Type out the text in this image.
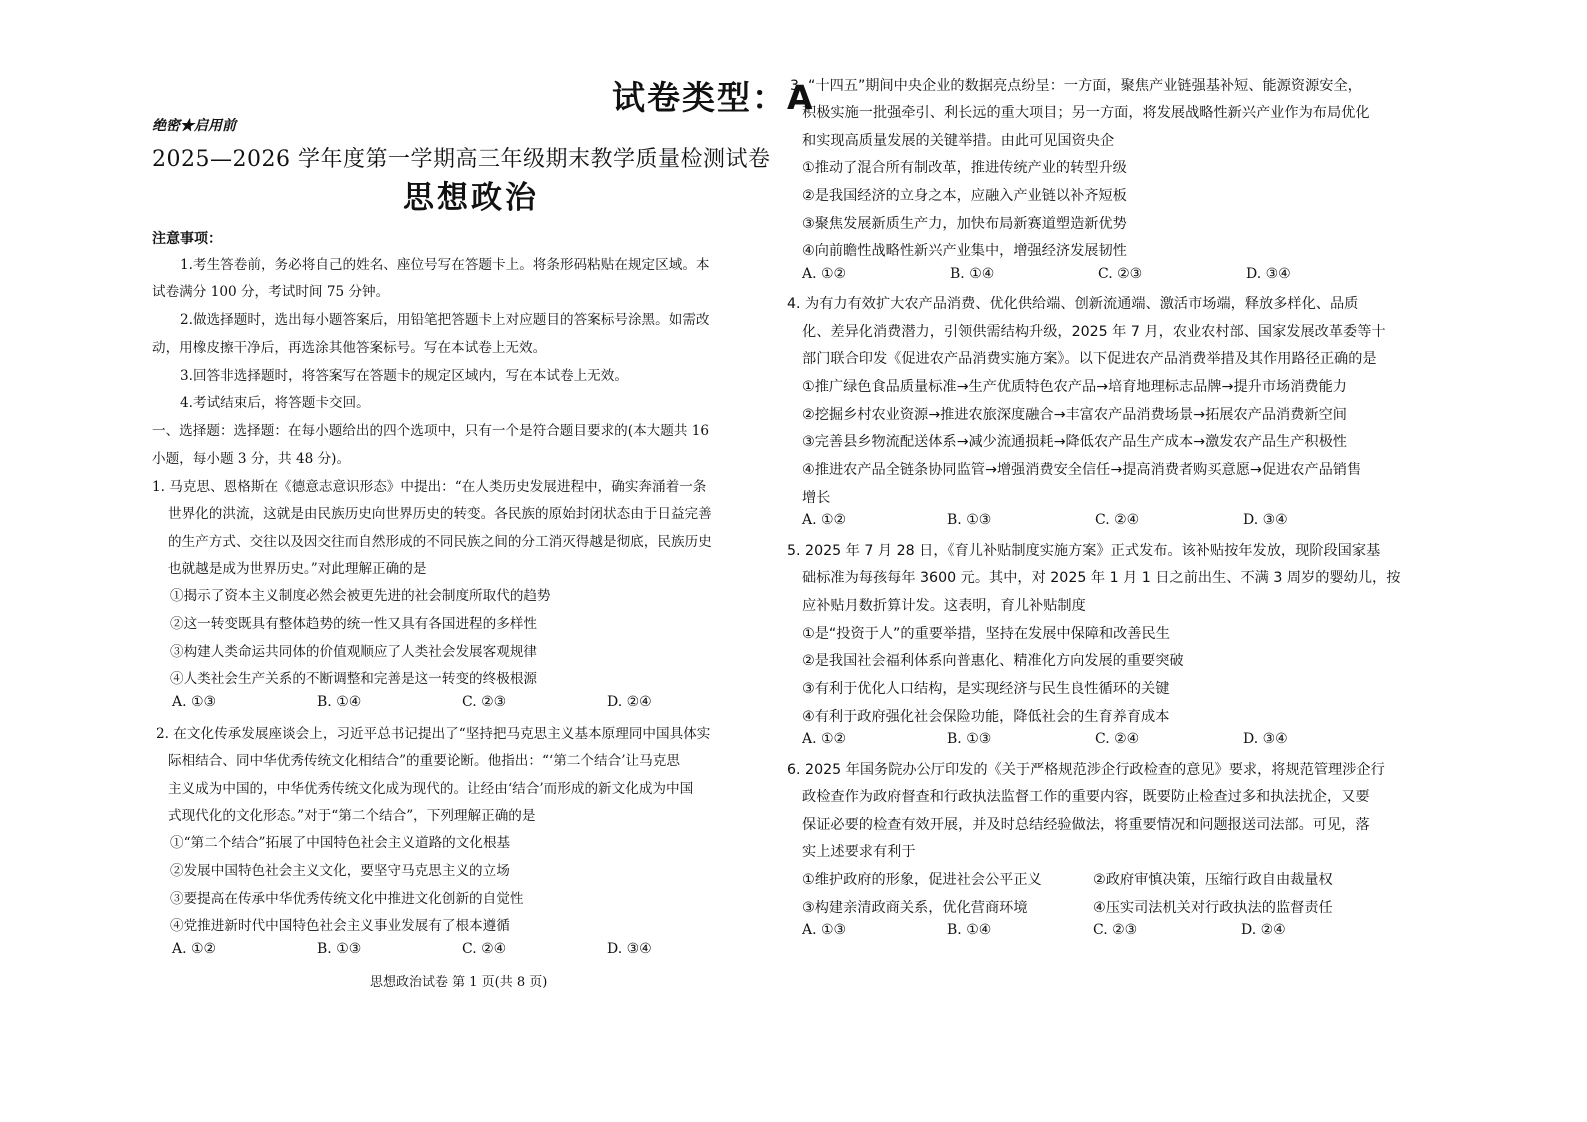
试卷类型：A
绝密★启用前
2025—2026 学年度第一学期高三年级期末教学质量检测试卷
思想政治
注意事项：
1.考生答卷前，务必将自己的姓名、座位号写在答题卡上。将条形码粘贴在规定区域。本
试卷满分 100 分，考试时间 75 分钟。
2.做选择题时，选出每小题答案后，用铅笔把答题卡上对应题目的答案标号涂黑。如需改
动，用橡皮擦干净后，再选涂其他答案标号。写在本试卷上无效。
3.回答非选择题时，将答案写在答题卡的规定区域内，写在本试卷上无效。
4.考试结束后，将答题卡交回。
一、选择题：选择题：在每小题给出的四个选项中，只有一个是符合题目要求的(本大题共 16
小题，每小题 3 分，共 48 分)。
1. 马克思、恩格斯在《德意志意识形态》中提出：“在人类历史发展进程中，确实奔涌着一条
世界化的洪流，这就是由民族历史向世界历史的转变。各民族的原始封闭状态由于日益完善
的生产方式、交往以及因交往而自然形成的不同民族之间的分工消灭得越是彻底，民族历史
也就越是成为世界历史。”对此理解正确的是
①揭示了资本主义制度必然会被更先进的社会制度所取代的趋势
②这一转变既具有整体趋势的统一性又具有各国进程的多样性
③构建人类命运共同体的价值观顺应了人类社会发展客观规律
④人类社会生产关系的不断调整和完善是这一转变的终极根源
A. ①③	B. ①④	C. ②③	D. ②④
2. 在文化传承发展座谈会上，习近平总书记提出了“坚持把马克思主义基本原理同中国具体实
际相结合、同中华优秀传统文化相结合”的重要论断。他指出：“‘第二个结合’让马克思
主义成为中国的，中华优秀传统文化成为现代的。让经由‘结合’而形成的新文化成为中国
式现代化的文化形态。”对于“第二个结合”，下列理解正确的是
①“第二个结合”拓展了中国特色社会主义道路的文化根基
②发展中国特色社会主义文化，要坚守马克思主义的立场
③要提高在传承中华优秀传统文化中推进文化创新的自觉性
④党推进新时代中国特色社会主义事业发展有了根本遵循
A. ①②	B. ①③	C. ②④	D. ③④
思想政治试卷 第 1 页(共 8 页)
3. “十四五”期间中央企业的数据亮点纷呈：一方面，聚焦产业链强基补短、能源资源安全，
积极实施一批强牵引、利长远的重大项目；另一方面，将发展战略性新兴产业作为布局优化
和实现高质量发展的关键举措。由此可见国资央企
①推动了混合所有制改革，推进传统产业的转型升级
②是我国经济的立身之本，应融入产业链以补齐短板
③聚焦发展新质生产力，加快布局新赛道塑造新优势
④向前瞻性战略性新兴产业集中，增强经济发展韧性
A. ①②	B. ①④	C. ②③	D. ③④
4. 为有力有效扩大农产品消费、优化供给端、创新流通端、激活市场端，释放多样化、品质
化、差异化消费潜力，引领供需结构升级，2025 年 7 月，农业农村部、国家发展改革委等十
部门联合印发《促进农产品消费实施方案》。以下促进农产品消费举措及其作用路径正确的是
①推广绿色食品质量标准→生产优质特色农产品→培育地理标志品牌→提升市场消费能力
②挖掘乡村农业资源→推进农旅深度融合→丰富农产品消费场景→拓展农产品消费新空间
③完善县乡物流配送体系→减少流通损耗→降低农产品生产成本→激发农产品生产积极性
④推进农产品全链条协同监管→增强消费安全信任→提高消费者购买意愿→促进农产品销售
增长
A. ①②	B. ①③	C. ②④	D. ③④
5. 2025 年 7 月 28 日，《育儿补贴制度实施方案》正式发布。该补贴按年发放，现阶段国家基
础标准为每孩每年 3600 元。其中，对 2025 年 1 月 1 日之前出生、不满 3 周岁的婴幼儿，按
应补贴月数折算计发。这表明，育儿补贴制度
①是“投资于人”的重要举措，坚持在发展中保障和改善民生
②是我国社会福利体系向普惠化、精准化方向发展的重要突破
③有利于优化人口结构，是实现经济与民生良性循环的关键
④有利于政府强化社会保险功能，降低社会的生育养育成本
A. ①②	B. ①③	C. ②④	D. ③④
6. 2025 年国务院办公厅印发的《关于严格规范涉企行政检查的意见》要求，将规范管理涉企行
政检查作为政府督查和行政执法监督工作的重要内容，既要防止检查过多和执法扰企，又要
保证必要的检查有效开展，并及时总结经验做法，将重要情况和问题报送司法部。可见，落
实上述要求有利于
①维护政府的形象，促进社会公平正义	②政府审慎决策，压缩行政自由裁量权
③构建亲清政商关系，优化营商环境	④压实司法机关对行政执法的监督责任
A. ①③	B. ①④	C. ②③	D. ②④
